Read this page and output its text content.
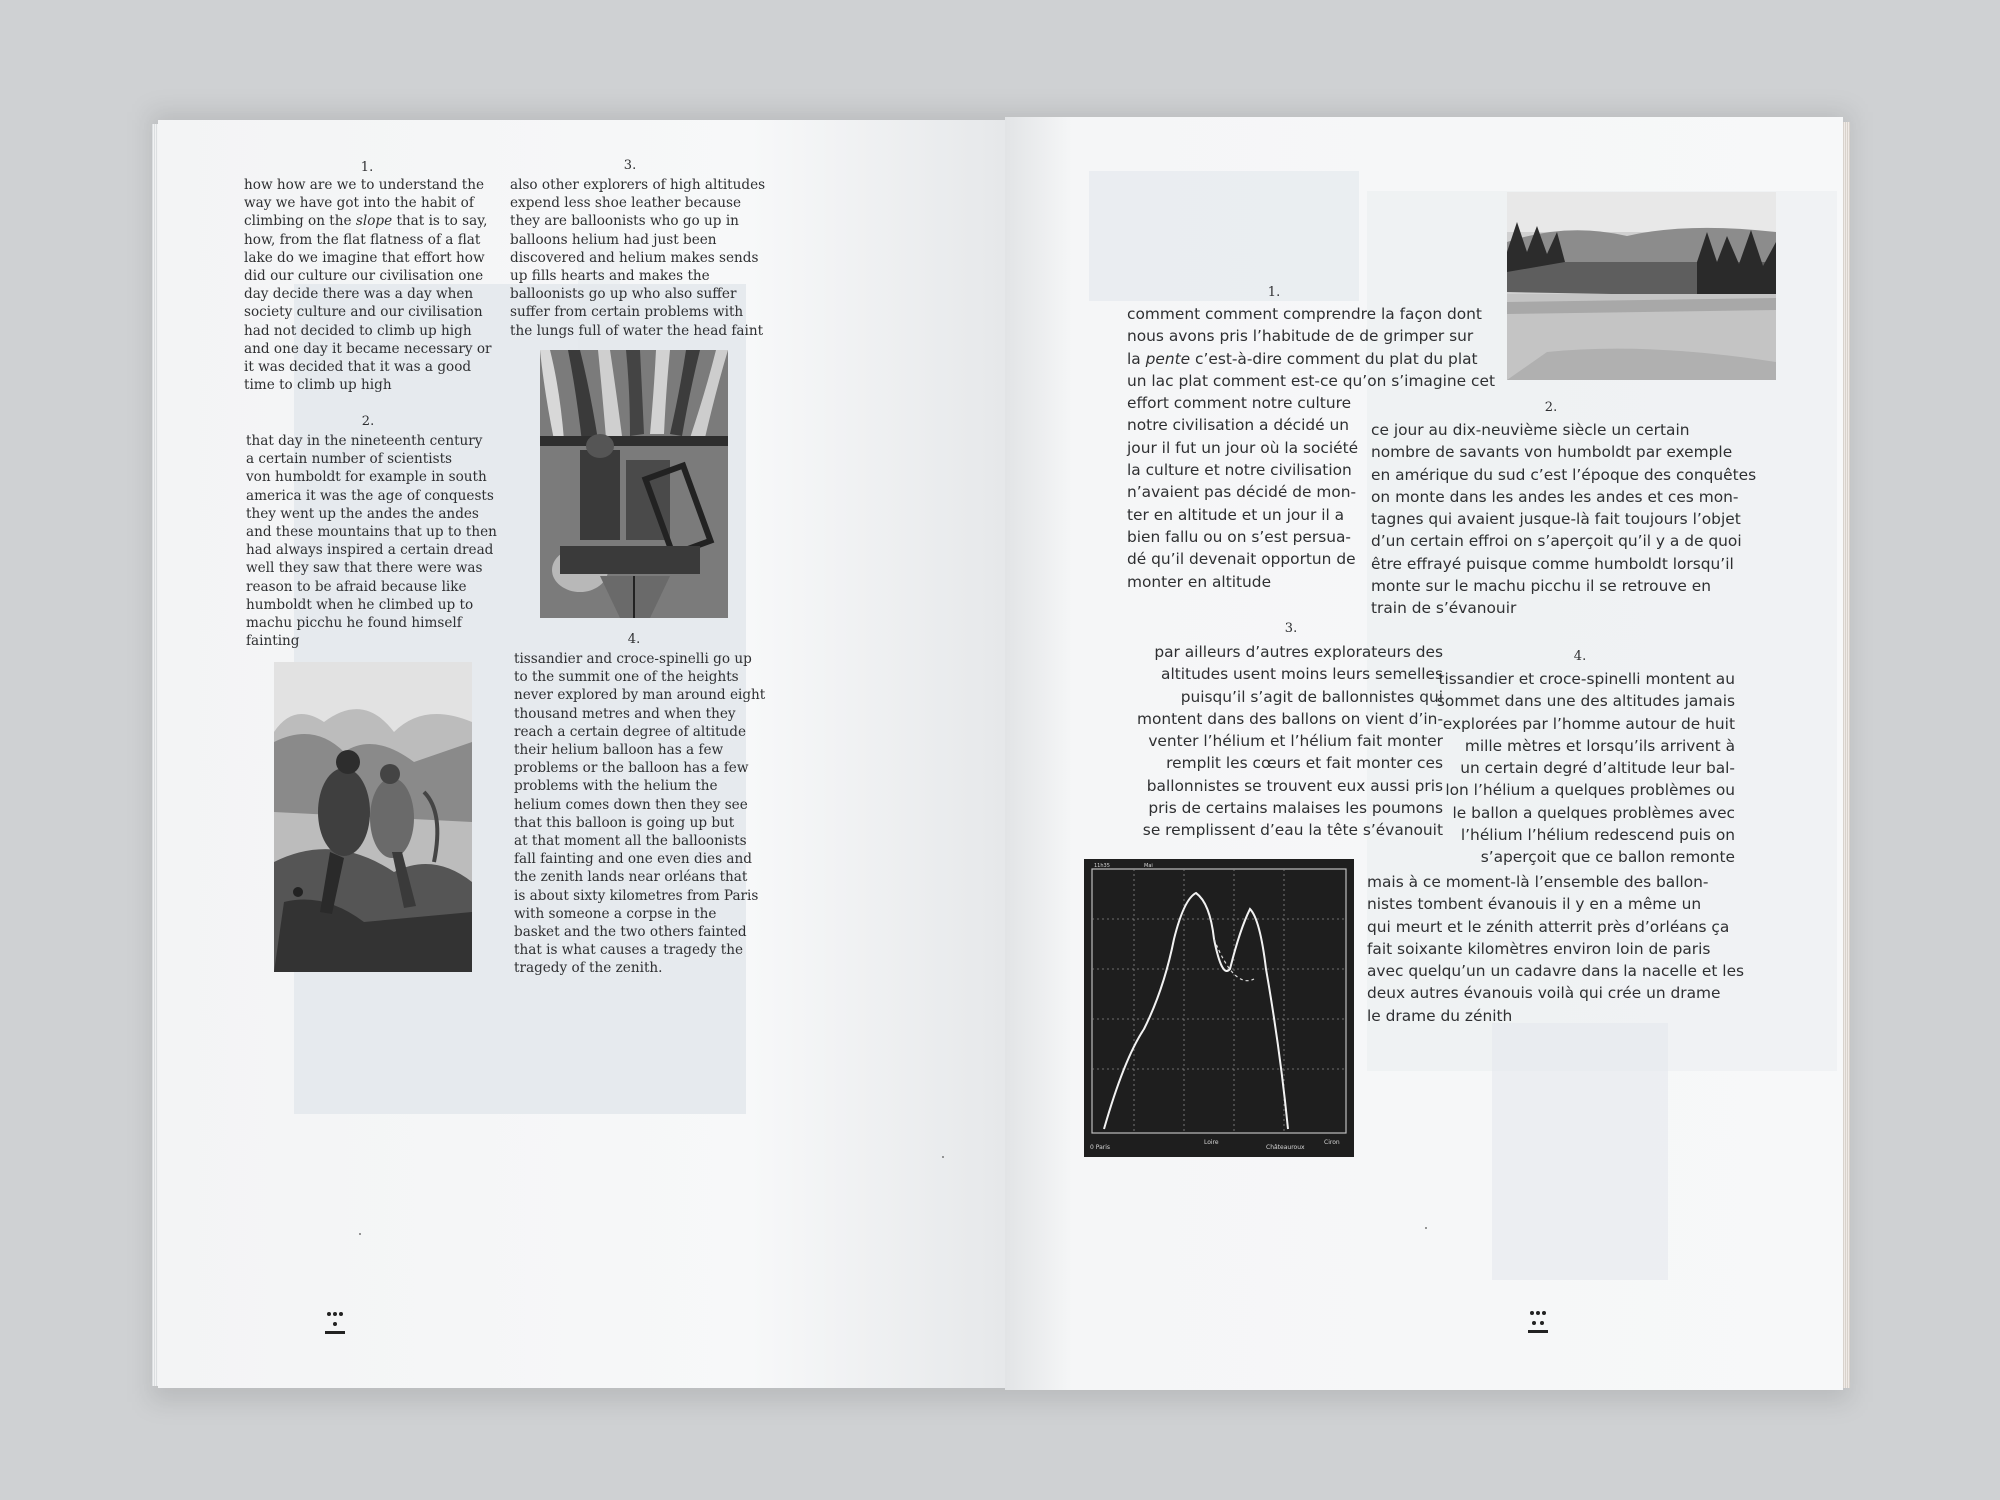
1.
how how are we to understand the
way we have got into the habit of
climbing on the slope that is to say,
how, from the flat flatness of a flat
lake do we imagine that effort how
did our culture our civilisation one
day decide there was a day when
society culture and our civilisation
had not decided to climb up high
and one day it became necessary or
it was decided that it was a good
time to climb up high
2.
that day in the nineteenth century
a certain number of scientists
von humboldt for example in south
america it was the age of conquests
they went up the andes the andes
and these mountains that up to then
had always inspired a certain dread
well they saw that there were was
reason to be afraid because like
humboldt when he climbed up to
machu picchu he found himself
fainting
3.
also other explorers of high altitudes
expend less shoe leather because
they are balloonists who go up in
balloons helium had just been
discovered and helium makes sends
up fills hearts and makes the
balloonists go up who also suffer
suffer from certain problems with
the lungs full of water the head faint
4.
tissandier and croce-spinelli go up
to the summit one of the heights
never explored by man around eight
thousand metres and when they
reach a certain degree of altitude
their helium balloon has a few
problems or the balloon has a few
problems with the helium the
helium comes down then they see
that this balloon is going up but
at that moment all the balloonists
fall fainting and one even dies and
the zenith lands near orléans that
is about sixty kilometres from Paris
with someone a corpse in the
basket and the two others fainted
that is what causes a tragedy the
tragedy of the zenith.
1.
comment comment comprendre la façon dont
nous avons pris l’habitude de de grimper sur
la pente c’est-à-dire comment du plat du plat
un lac plat comment est-ce qu’on s’imagine cet
effort comment notre culture
notre civilisation a décidé un
jour il fut un jour où la société
la culture et notre civilisation
n’avaient pas décidé de mon-
ter en altitude et un jour il a
bien fallu ou on s’est persua-
dé qu’il devenait opportun de
monter en altitude
2.
ce jour au dix-neuvième siècle un certain
nombre de savants von humboldt par exemple
en amérique du sud c’est l’époque des conquêtes
on monte dans les andes les andes et ces mon-
tagnes qui avaient jusque-là fait toujours l’objet
d’un certain effroi on s’aperçoit qu’il y a de quoi
être effrayé puisque comme humboldt lorsqu’il
monte sur le machu picchu il se retrouve en
train de s’évanouir
3.
par ailleurs d’autres explorateurs des
altitudes usent moins leurs semelles
puisqu’il s’agit de ballonnistes qui
montent dans des ballons on vient d’in-
venter l’hélium et l’hélium fait monter
remplit les cœurs et fait monter ces
ballonnistes se trouvent eux aussi pris
pris de certains malaises les poumons
se remplissent d’eau la tête s’évanouit
4.
tissandier et croce-spinelli montent au
sommet dans une des altitudes jamais
explorées par l’homme autour de huit
mille mètres et lorsqu’ils arrivent à
un certain degré d’altitude leur bal-
lon l’hélium a quelques problèmes ou
le ballon a quelques problèmes avec
l’hélium l’hélium redescend puis on
s’aperçoit que ce ballon remonte
mais à ce moment-là l’ensemble des ballon-
nistes tombent évanouis il y en a même un
qui meurt et le zénith atterrit près d’orléans ça
fait soixante kilomètres environ loin de paris
avec quelqu’un un cadavre dans la nacelle et les
deux autres évanouis voilà qui crée un drame
le drame du zénith
11h35	Mai
0 Paris
Loire
Châteauroux
Ciron
